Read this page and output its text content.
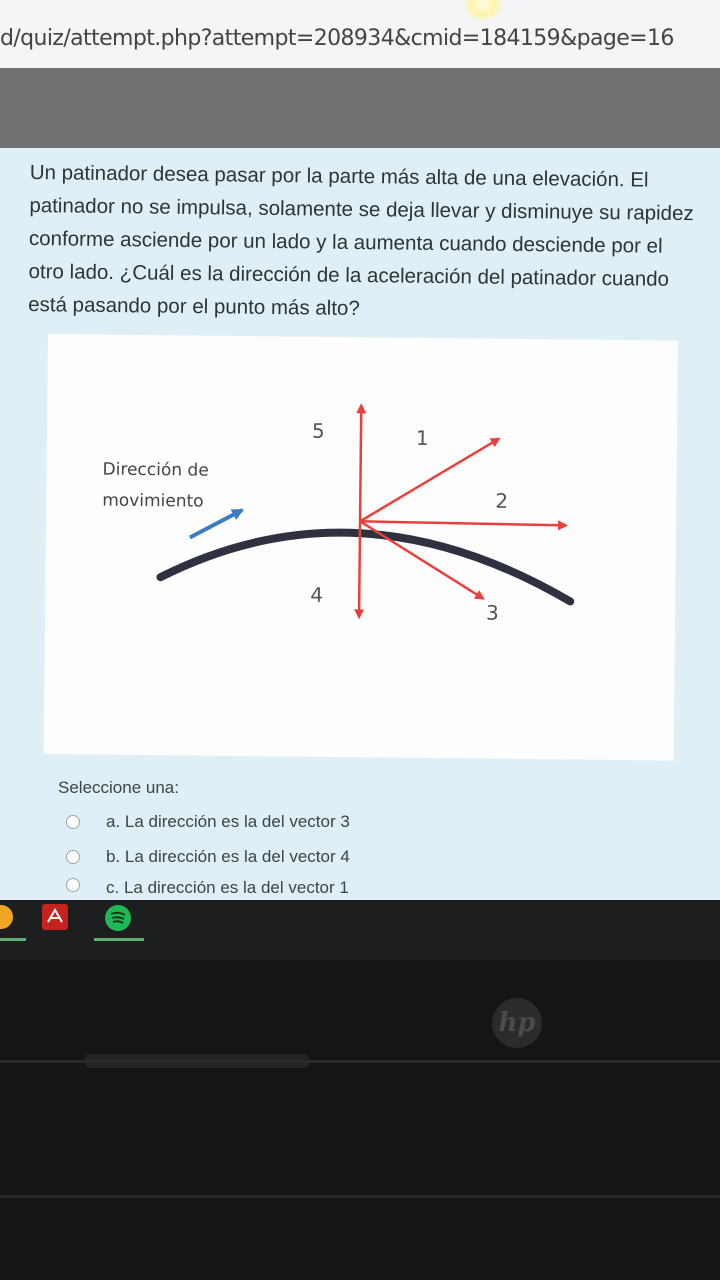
d/quiz/attempt.php?attempt=208934&cmid=184159&page=16
Un patinador desea pasar por la parte más alta de una elevación. El patinador no se impulsa, solamente se deja llevar y disminuye su rapidez conforme asciende por un lado y la aumenta cuando desciende por el otro lado. ¿Cuál es la dirección de la aceleración del patinador cuando está pasando por el punto más alto?
5	1
2
4
3
Dirección de
movimiento
Seleccione una:
a. La dirección es la del vector 3
b. La dirección es la del vector 4
c. La dirección es la del vector 1
hp
